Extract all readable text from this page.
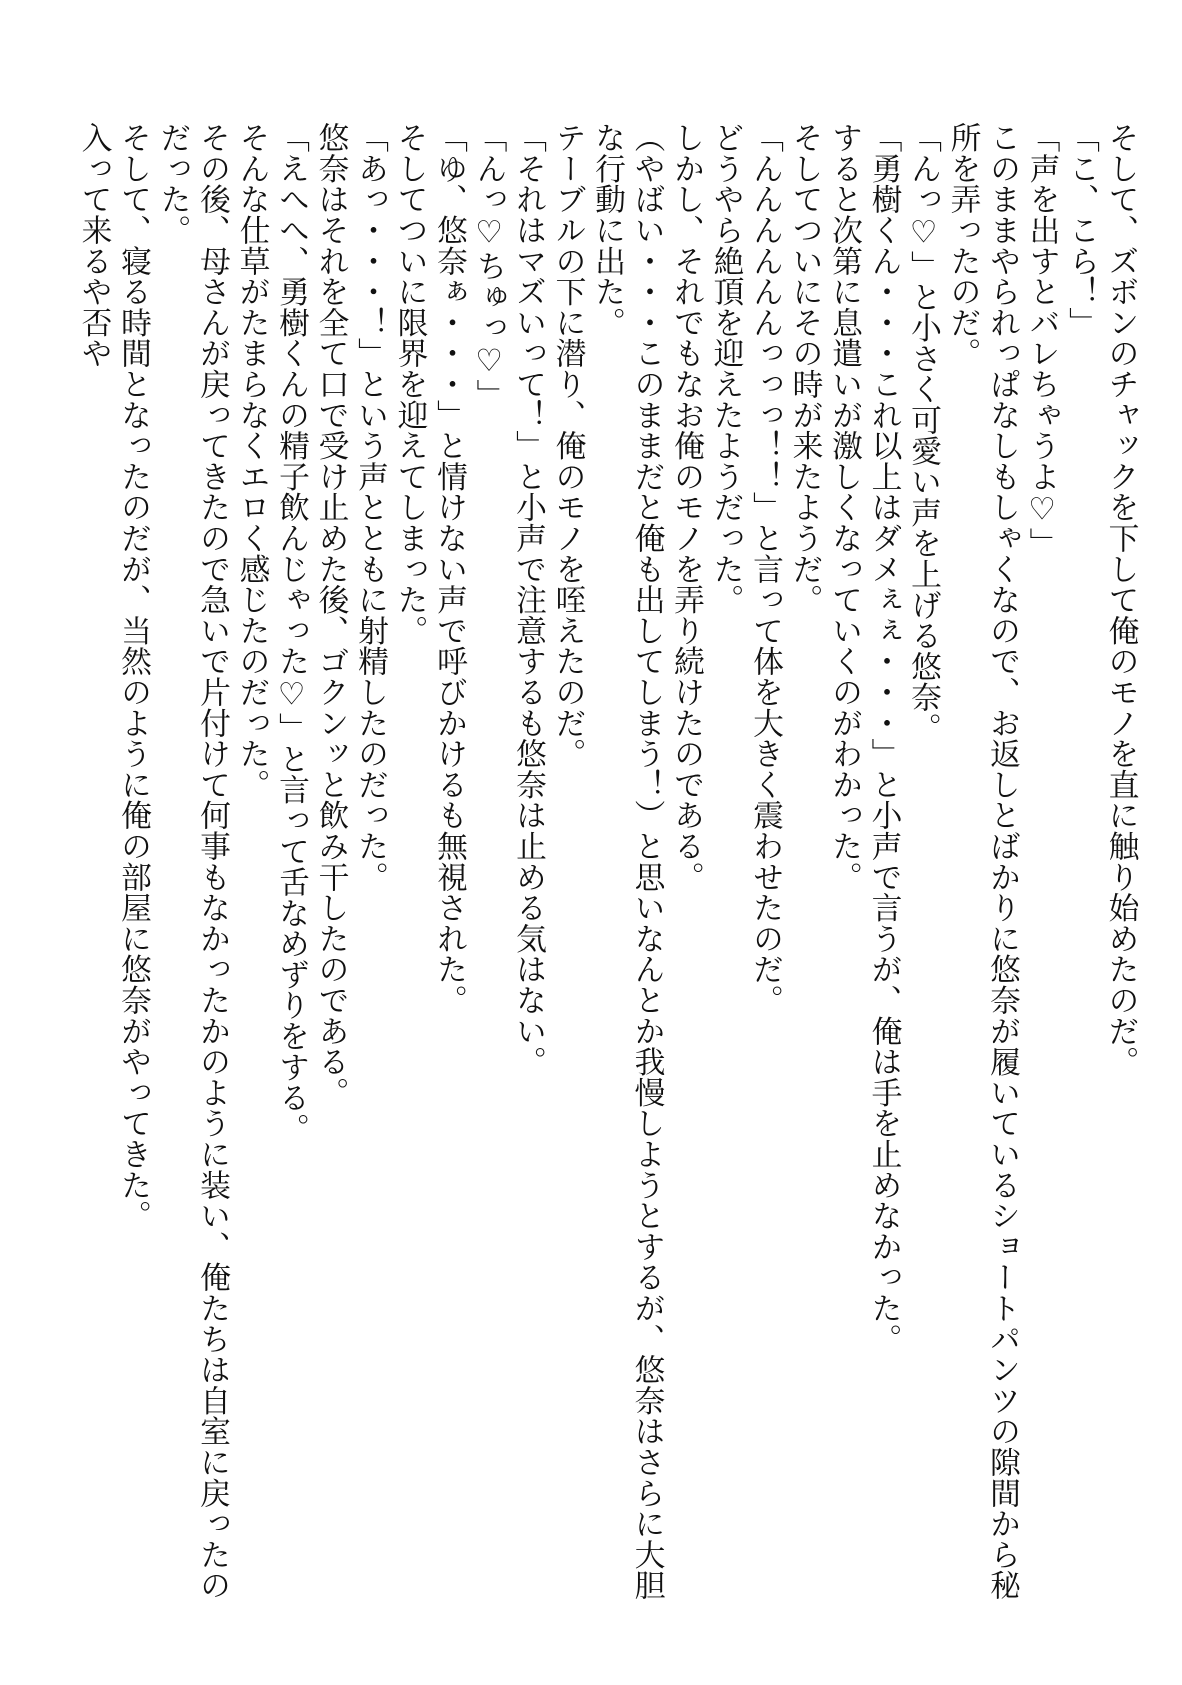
そして、ズボンのチャックを下して俺のモノを直に触り始めたのだ。

「こ、こら！」

「声を出すとバレちゃうよ♡」

このままやられっぱなしもしゃくなので、お返しとばかりに悠奈が履いているショートパンツの隙間から秘

所を弄ったのだ。

「んっ♡」と小さく可愛い声を上げる悠奈。

「勇樹くん・・・これ以上はダメぇぇ・・・」と小声で言うが、俺は手を止めなかった。

すると次第に息遣いが激しくなっていくのがわかった。

そしてついにその時が来たようだ。

「んんんんんんっっっ！！」と言って体を大きく震わせたのだ。

どうやら絶頂を迎えたようだった。

しかし、それでもなお俺のモノを弄り続けたのである。

（やばい・・・このままだと俺も出してしまう！）と思いなんとか我慢しようとするが、悠奈はさらに大胆

な行動に出た。

テーブルの下に潜り、俺のモノを咥えたのだ。

「それはマズいって！」と小声で注意するも悠奈は止める気はない。

「んっ♡ちゅっ♡」

「ゆ、悠奈ぁ・・・」と情けない声で呼びかけるも無視された。

そしてついに限界を迎えてしまった。

「あっ・・・！」という声とともに射精したのだった。

悠奈はそれを全て口で受け止めた後、ゴクンッと飲み干したのである。

「えへへ、勇樹くんの精子飲んじゃった♡」と言って舌なめずりをする。

そんな仕草がたまらなくエロく感じたのだった。

その後、母さんが戻ってきたので急いで片付けて何事もなかったかのように装い、俺たちは自室に戻ったの

だった。

そして、寝る時間となったのだが、当然のように俺の部屋に悠奈がやってきた。

入って来るや否や
